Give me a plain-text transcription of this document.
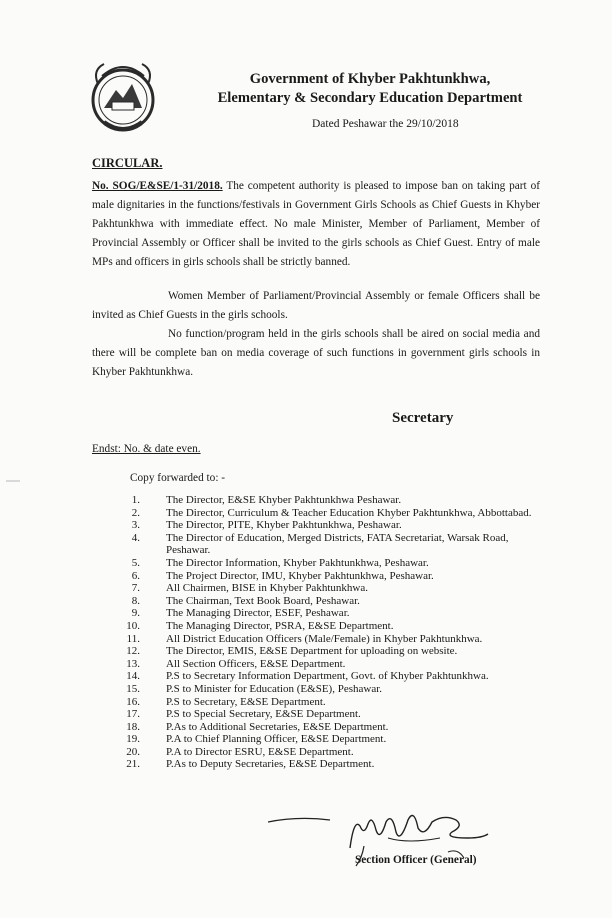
Government of Khyber Pakhtunkhwa,
Elementary & Secondary Education Department
Dated Peshawar the 29/10/2018
CIRCULAR.
No. SOG/E&SE/1-31/2018. The competent authority is pleased to impose ban on taking part of male dignitaries in the functions/festivals in Government Girls Schools as Chief Guests in Khyber Pakhtunkhwa with immediate effect. No male Minister, Member of Parliament, Member of Provincial Assembly or Officer shall be invited to the girls schools as Chief Guest. Entry of male MPs and officers in girls schools shall be strictly banned.
Women Member of Parliament/Provincial Assembly or female Officers shall be invited as Chief Guests in the girls schools.
No function/program held in the girls schools shall be aired on social media and there will be complete ban on media coverage of such functions in government girls schools in Khyber Pakhtunkhwa.
Secretary
Endst: No. & date even.
Copy forwarded to: -
1.	The Director, E&SE Khyber Pakhtunkhwa Peshawar.
2.	The Director, Curriculum & Teacher Education Khyber Pakhtunkhwa, Abbottabad.
3.	The Director, PITE, Khyber Pakhtunkhwa, Peshawar.
4.	The Director of Education, Merged Districts, FATA Secretariat, Warsak Road, Peshawar.
5.	The Director Information, Khyber Pakhtunkhwa, Peshawar.
6.	The Project Director, IMU, Khyber Pakhtunkhwa, Peshawar.
7.	All Chairmen, BISE in Khyber Pakhtunkhwa.
8.	The Chairman, Text Book Board, Peshawar.
9.	The Managing Director, ESEF, Peshawar.
10.	The Managing Director, PSRA, E&SE Department.
11.	All District Education Officers (Male/Female) in Khyber Pakhtunkhwa.
12.	The Director, EMIS, E&SE Department for uploading on website.
13.	All Section Officers, E&SE Department.
14.	P.S to Secretary Information Department, Govt. of Khyber Pakhtunkhwa.
15.	P.S to Minister for Education (E&SE), Peshawar.
16.	P.S to Secretary, E&SE Department.
17.	P.S to Special Secretary, E&SE Department.
18.	P.As to Additional Secretaries, E&SE Department.
19.	P.A to Chief Planning Officer, E&SE Department.
20.	P.A to Director ESRU, E&SE Department.
21.	P.As to Deputy Secretaries, E&SE Department.
Section Officer (General)
